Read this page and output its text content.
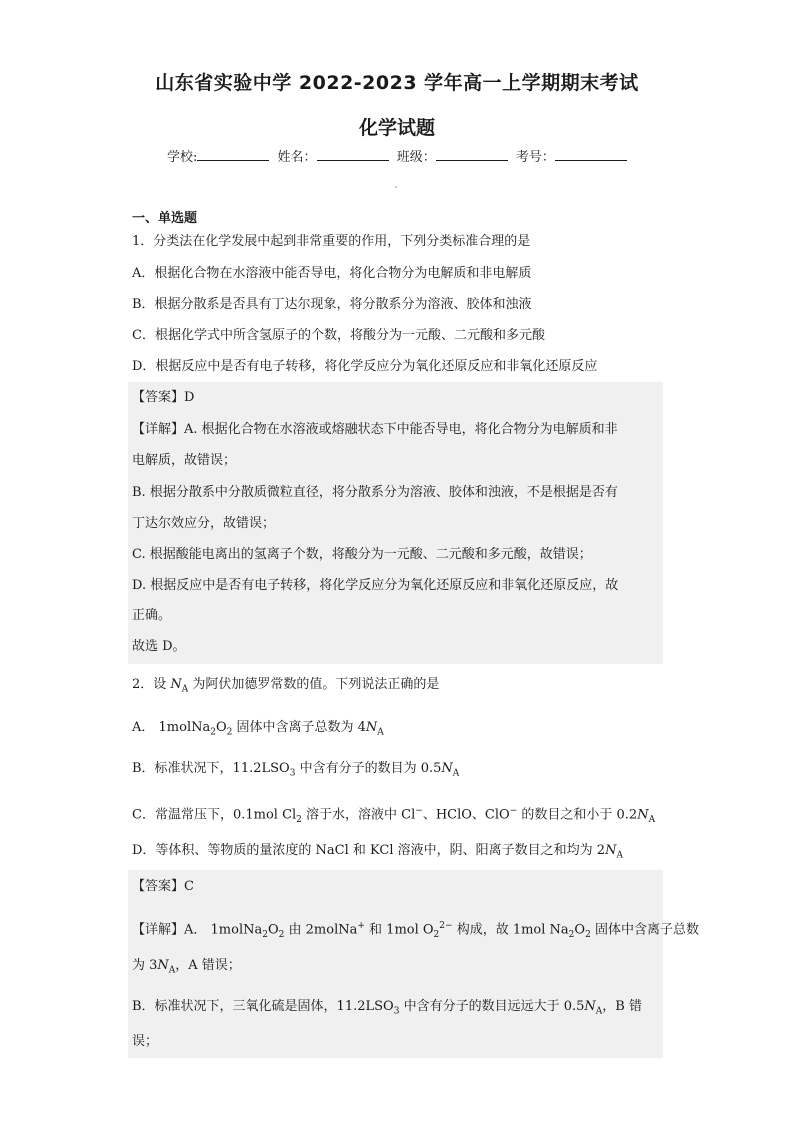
山东省实验中学 2022-2023 学年高一上学期期末考试
化学试题
学校:	姓名：	班级：	考号：
一、单选题
1．分类法在化学发展中起到非常重要的作用，下列分类标准合理的是
A．根据化合物在水溶液中能否导电，将化合物分为电解质和非电解质
B．根据分散系是否具有丁达尔现象，将分散系分为溶液、胶体和浊液
C．根据化学式中所含氢原子的个数，将酸分为一元酸、二元酸和多元酸
D．根据反应中是否有电子转移，将化学反应分为氧化还原反应和非氧化还原反应
【答案】D
【详解】A. 根据化合物在水溶液或熔融状态下中能否导电，将化合物分为电解质和非
电解质，故错误；
B. 根据分散系中分散质微粒直径，将分散系分为溶液、胶体和浊液，不是根据是否有
丁达尔效应分，故错误；
C. 根据酸能电离出的氢离子个数，将酸分为一元酸、二元酸和多元酸，故错误；
D. 根据反应中是否有电子转移，将化学反应分为氧化还原反应和非氧化还原反应，故
正确。
故选 D。
2．设 $N_A$ 为阿伏加德罗常数的值。下列说法正确的是
A． $1molNa_2O_2$ 固体中含离子总数为 $4N_A$
B．标准状况下，$11.2LSO_3$ 中含有分子的数目为 $0.5N_A$
C．常温常压下，0.1mol $Cl_2$ 溶于水，溶液中 Cl−、HClO、ClO− 的数目之和小于 $0.2N_A$
D．等体积、等物质的量浓度的 NaCl 和 KCl 溶液中，阴、阳离子数目之和均为 $2N_A$
【答案】C
【详解】A． $1molNa_2O_2$ 由 2molNa+ 和 1mol $O_2^{2-}$ 构成，故 1mol $Na_2O_2$ 固体中含离子总数
为 $3N_A$，A 错误；
B．标准状况下，三氧化硫是固体，$11.2LSO_3$ 中含有分子的数目远远大于 $0.5N_A$，B 错
误；
